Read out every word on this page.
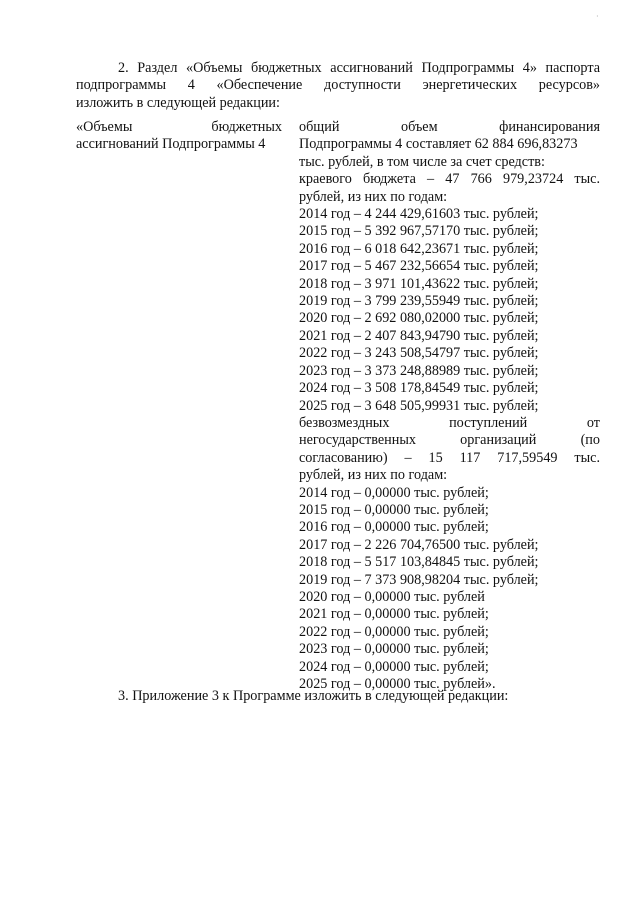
·
2. Раздел «Объемы бюджетных ассигнований Подпрограммы 4» паспорта
подпрограммы 4 «Обеспечение доступности энергетических ресурсов»
изложить в следующей редакции:
«Объемы бюджетных
ассигнований Подпрограммы 4
общий объем финансирования
Подпрограммы 4 составляет 62 884 696,83273
тыс. рублей, в том числе за счет средств:
краевого бюджета – 47 766 979,23724 тыс.
рублей, из них по годам:
2014 год – 4 244 429,61603 тыс. рублей;
2015 год – 5 392 967,57170 тыс. рублей;
2016 год – 6 018 642,23671 тыс. рублей;
2017 год – 5 467 232,56654 тыс. рублей;
2018 год – 3 971 101,43622 тыс. рублей;
2019 год – 3 799 239,55949 тыс. рублей;
2020 год – 2 692 080,02000 тыс. рублей;
2021 год – 2 407 843,94790 тыс. рублей;
2022 год – 3 243 508,54797 тыс. рублей;
2023 год – 3 373 248,88989 тыс. рублей;
2024 год – 3 508 178,84549 тыс. рублей;
2025 год – 3 648 505,99931 тыс. рублей;
безвозмездных поступлений от
негосударственных организаций (по
согласованию) – 15 117 717,59549 тыс.
рублей, из них по годам:
2014 год – 0,00000 тыс. рублей;
2015 год – 0,00000 тыс. рублей;
2016 год – 0,00000 тыс. рублей;
2017 год – 2 226 704,76500 тыс. рублей;
2018 год – 5 517 103,84845 тыс. рублей;
2019 год – 7 373 908,98204 тыс. рублей;
2020 год – 0,00000 тыс. рублей
2021 год – 0,00000 тыс. рублей;
2022 год – 0,00000 тыс. рублей;
2023 год – 0,00000 тыс. рублей;
2024 год – 0,00000 тыс. рублей;
2025 год – 0,00000 тыс. рублей».
3. Приложение 3 к Программе изложить в следующей редакции:
